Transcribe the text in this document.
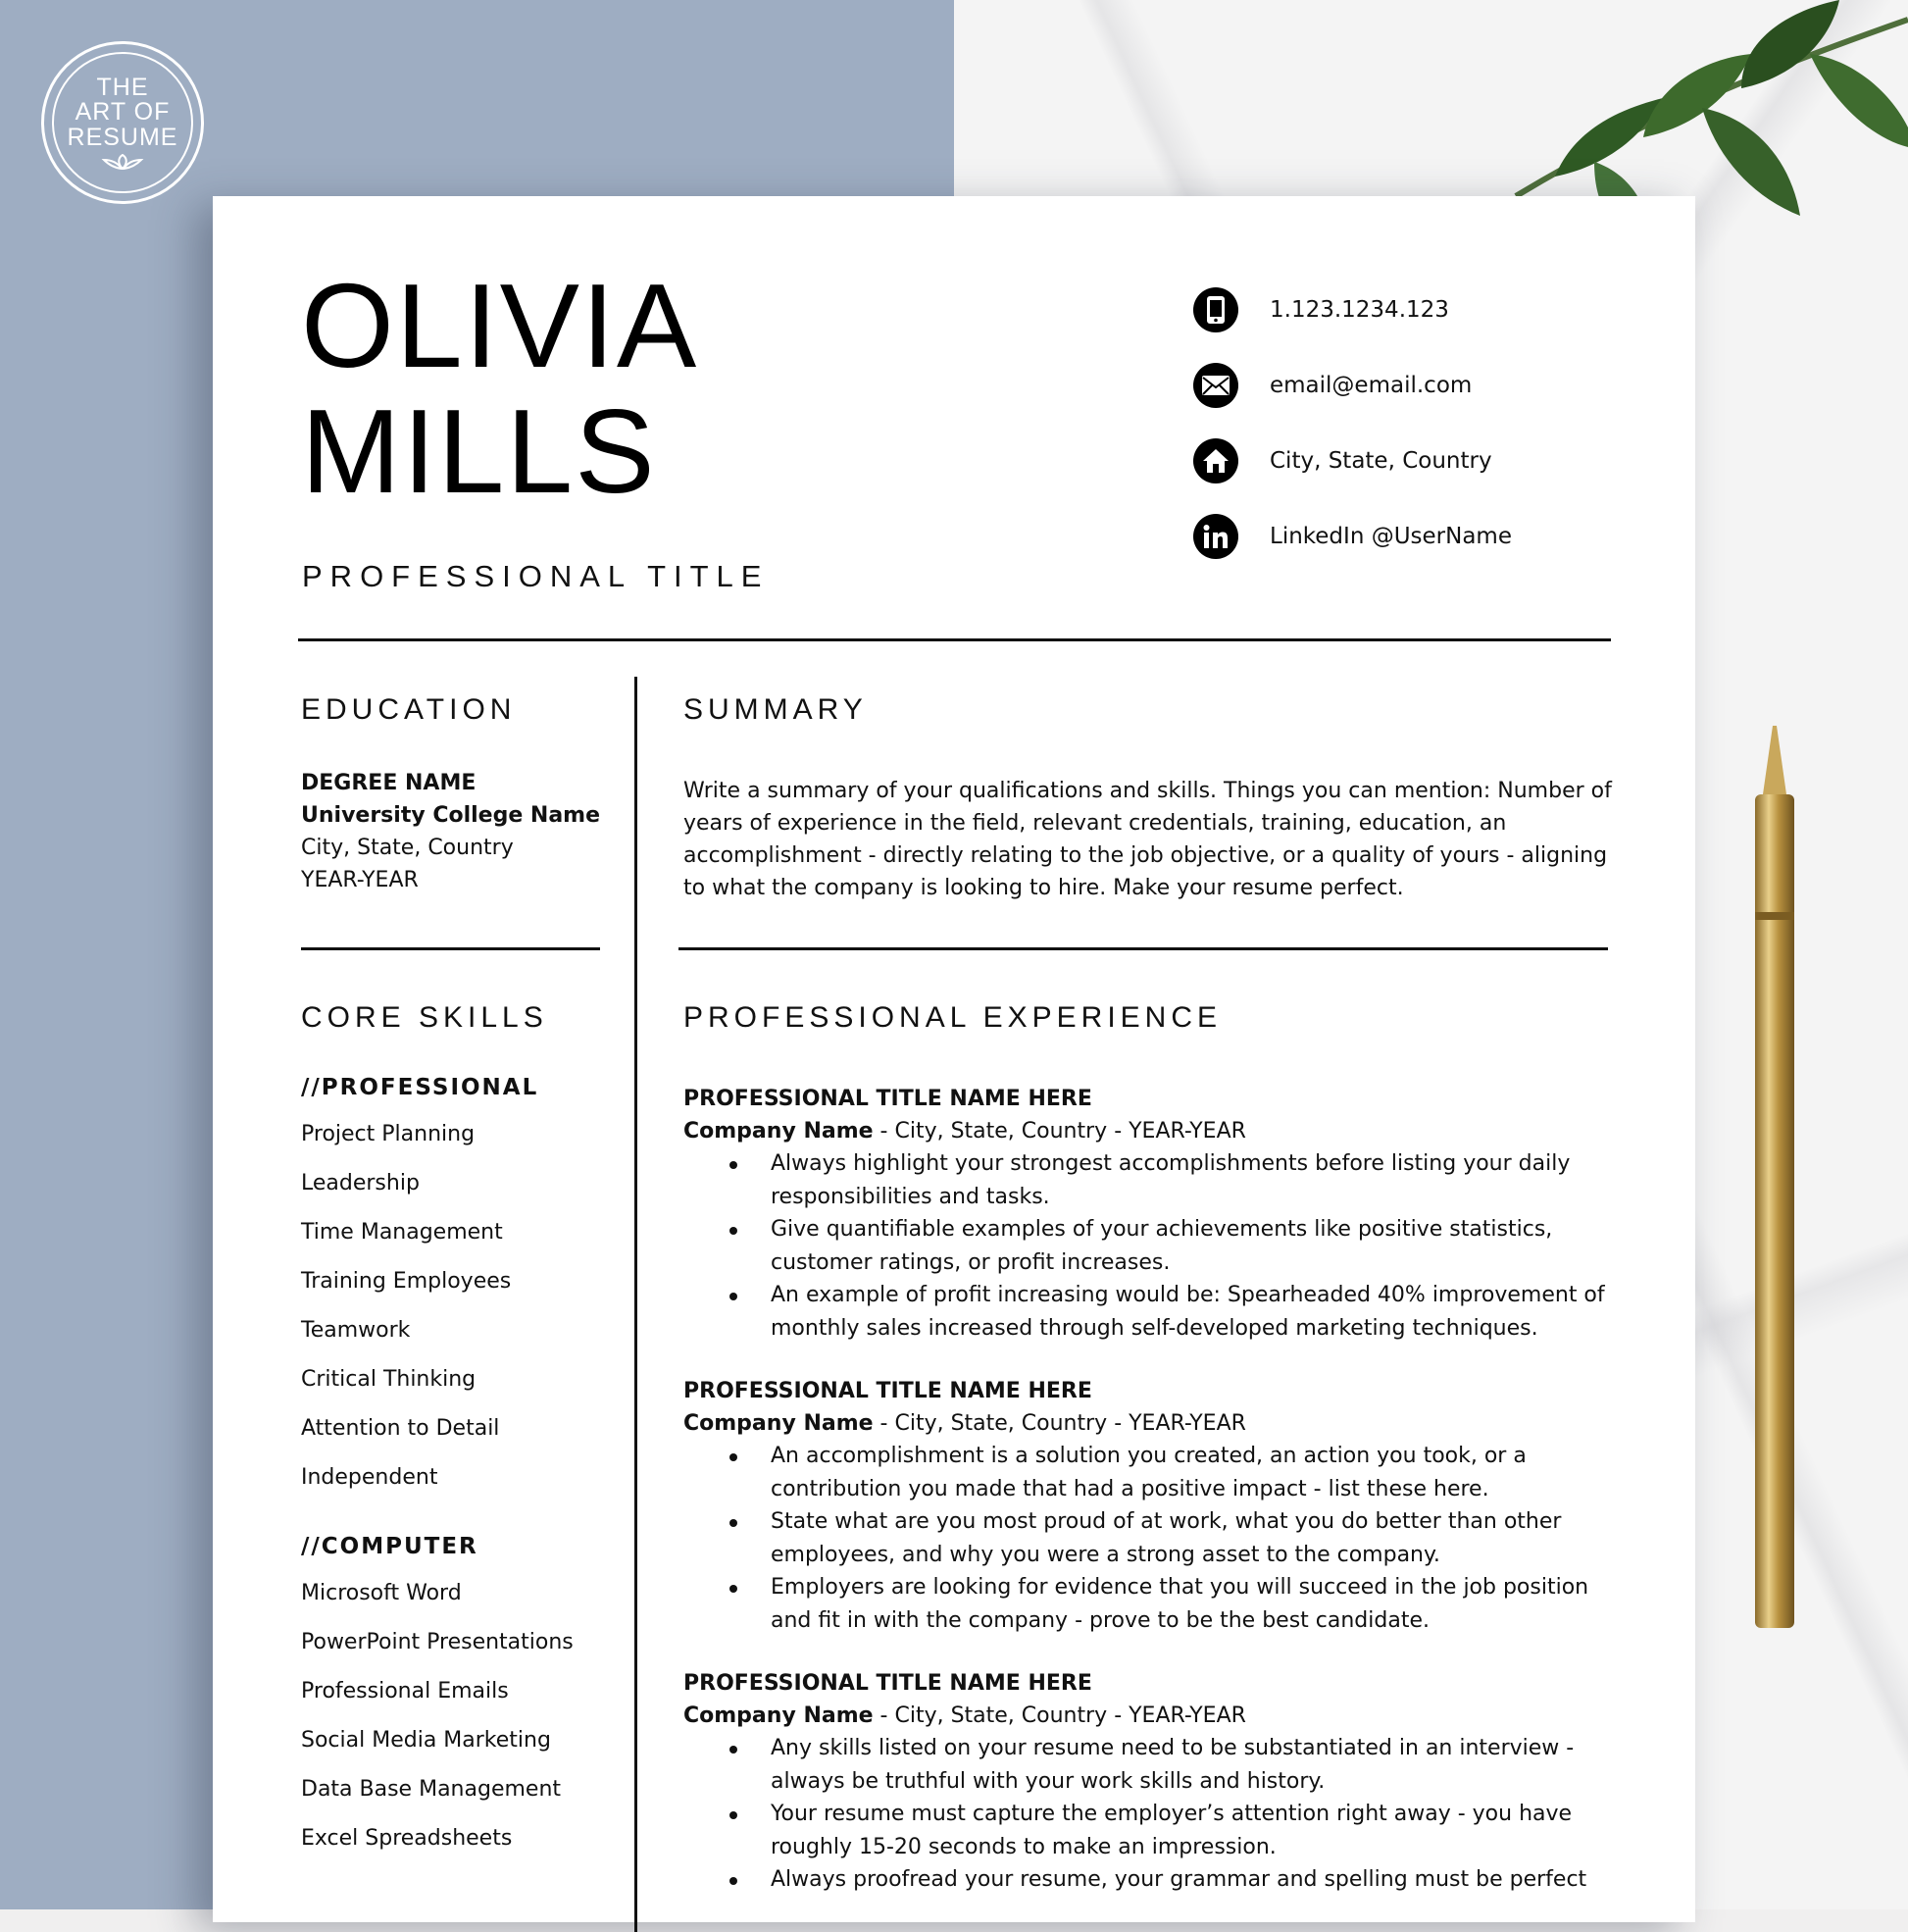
THE
ART OF
RESUME
OLIVIA
MILLS
PROFESSIONAL TITLE
1.123.1234.123
email@email.com
City, State, Country
LinkedIn @UserName
EDUCATION
DEGREE NAME
University College Name
City, State, Country
YEAR-YEAR
CORE SKILLS
//PROFESSIONAL
Project Planning
Leadership
Time Management
Training Employees
Teamwork
Critical Thinking
Attention to Detail
Independent
//COMPUTER
Microsoft Word
PowerPoint Presentations
Professional Emails
Social Media Marketing
Data Base Management
Excel Spreadsheets
SUMMARY

Write a summary of your qualifications and skills. Things you can mention: Number of years of experience in the field, relevant credentials, training, education, an accomplishment - directly relating to the job objective, or a quality of yours - aligning to what the company is looking to hire. Make your resume perfect.

PROFESSIONAL EXPERIENCE
PROFESSIONAL TITLE NAME HERE
Company Name - City, State, Country - YEAR-YEAR
Always highlight your strongest accomplishments before listing your daily responsibilities and tasks.
Give quantifiable examples of your achievements like positive statistics, customer ratings, or profit increases.
An example of profit increasing would be: Spearheaded 40% improvement of monthly sales increased through self-developed marketing techniques.
PROFESSIONAL TITLE NAME HERE
Company Name - City, State, Country - YEAR-YEAR
An accomplishment is a solution you created, an action you took, or a contribution you made that had a positive impact - list these here.
State what are you most proud of at work, what you do better than other employees, and why you were a strong asset to the company.
Employers are looking for evidence that you will succeed in the job position and fit in with the company - prove to be the best candidate.
PROFESSIONAL TITLE NAME HERE
Company Name - City, State, Country - YEAR-YEAR
Any skills listed on your resume need to be substantiated in an interview - always be truthful with your work skills and history.
Your resume must capture the employer’s attention right away - you have roughly 15-20 seconds to make an impression.
Always proofread your resume, your grammar and spelling must be perfect
